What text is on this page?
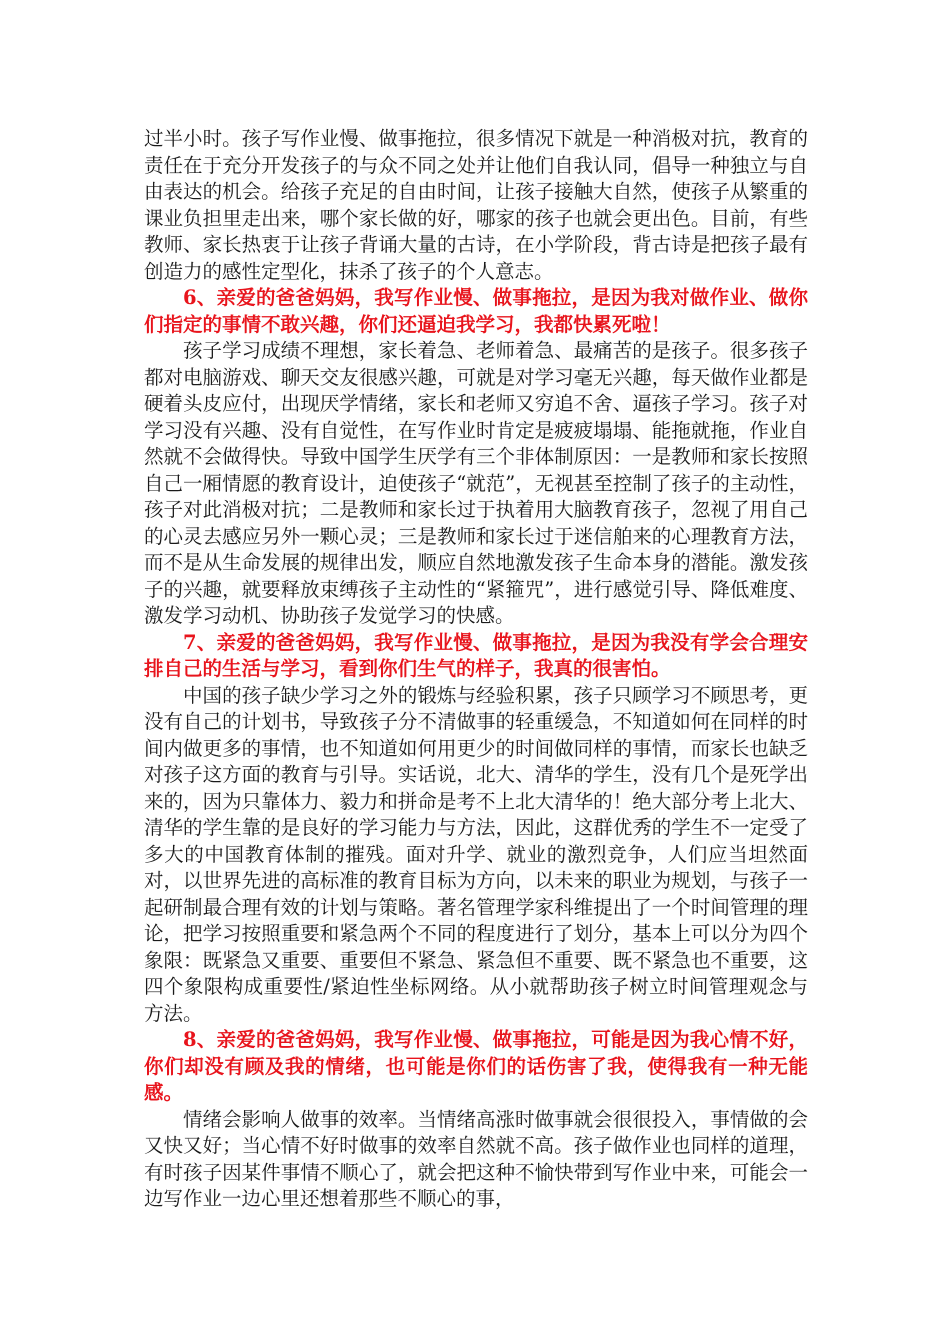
过半小时。孩子写作业慢、做事拖拉，很多情况下就是一种消极对抗，教育的责任在于充分开发孩子的与众不同之处并让他们自我认同，倡导一种独立与自由表达的机会。给孩子充足的自由时间，让孩子接触大自然，使孩子从繁重的课业负担里走出来，哪个家长做的好，哪家的孩子也就会更出色。目前，有些教师、家长热衷于让孩子背诵大量的古诗，在小学阶段，背古诗是把孩子最有创造力的感性定型化，抹杀了孩子的个人意志。

6、亲爱的爸爸妈妈，我写作业慢、做事拖拉，是因为我对做作业、做你们指定的事情不敢兴趣，你们还逼迫我学习，我都快累死啦！

孩子学习成绩不理想，家长着急、老师着急、最痛苦的是孩子。很多孩子都对电脑游戏、聊天交友很感兴趣，可就是对学习毫无兴趣，每天做作业都是硬着头皮应付，出现厌学情绪，家长和老师又穷追不舍、逼孩子学习。孩子对学习没有兴趣、没有自觉性，在写作业时肯定是疲疲塌塌、能拖就拖，作业自然就不会做得快。导致中国学生厌学有三个非体制原因：一是教师和家长按照自己一厢情愿的教育设计，迫使孩子“就范”，无视甚至控制了孩子的主动性，孩子对此消极对抗；二是教师和家长过于执着用大脑教育孩子，忽视了用自己的心灵去感应另外一颗心灵；三是教师和家长过于迷信舶来的心理教育方法，而不是从生命发展的规律出发，顺应自然地激发孩子生命本身的潜能。激发孩子的兴趣，就要释放束缚孩子主动性的“紧箍咒”，进行感觉引导、降低难度、激发学习动机、协助孩子发觉学习的快感。

7、亲爱的爸爸妈妈，我写作业慢、做事拖拉，是因为我没有学会合理安排自己的生活与学习，看到你们生气的样子，我真的很害怕。

中国的孩子缺少学习之外的锻炼与经验积累，孩子只顾学习不顾思考，更没有自己的计划书，导致孩子分不清做事的轻重缓急，不知道如何在同样的时间内做更多的事情，也不知道如何用更少的时间做同样的事情，而家长也缺乏对孩子这方面的教育与引导。实话说，北大、清华的学生，没有几个是死学出来的，因为只靠体力、毅力和拼命是考不上北大清华的！绝大部分考上北大、清华的学生靠的是良好的学习能力与方法，因此，这群优秀的学生不一定受了多大的中国教育体制的摧残。面对升学、就业的激烈竞争，人们应当坦然面对，以世界先进的高标准的教育目标为方向，以未来的职业为规划，与孩子一起研制最合理有效的计划与策略。著名管理学家科维提出了一个时间管理的理论，把学习按照重要和紧急两个不同的程度进行了划分，基本上可以分为四个象限：既紧急又重要、重要但不紧急、紧急但不重要、既不紧急也不重要，这四个象限构成重要性/紧迫性坐标网络。从小就帮助孩子树立时间管理观念与方法。

8、亲爱的爸爸妈妈，我写作业慢、做事拖拉，可能是因为我心情不好，你们却没有顾及我的情绪，也可能是你们的话伤害了我，使得我有一种无能感。

情绪会影响人做事的效率。当情绪高涨时做事就会很很投入，事情做的会又快又好；当心情不好时做事的效率自然就不高。孩子做作业也同样的道理，有时孩子因某件事情不顺心了，就会把这种不愉快带到写作业中来，可能会一边写作业一边心里还想着那些不顺心的事，
